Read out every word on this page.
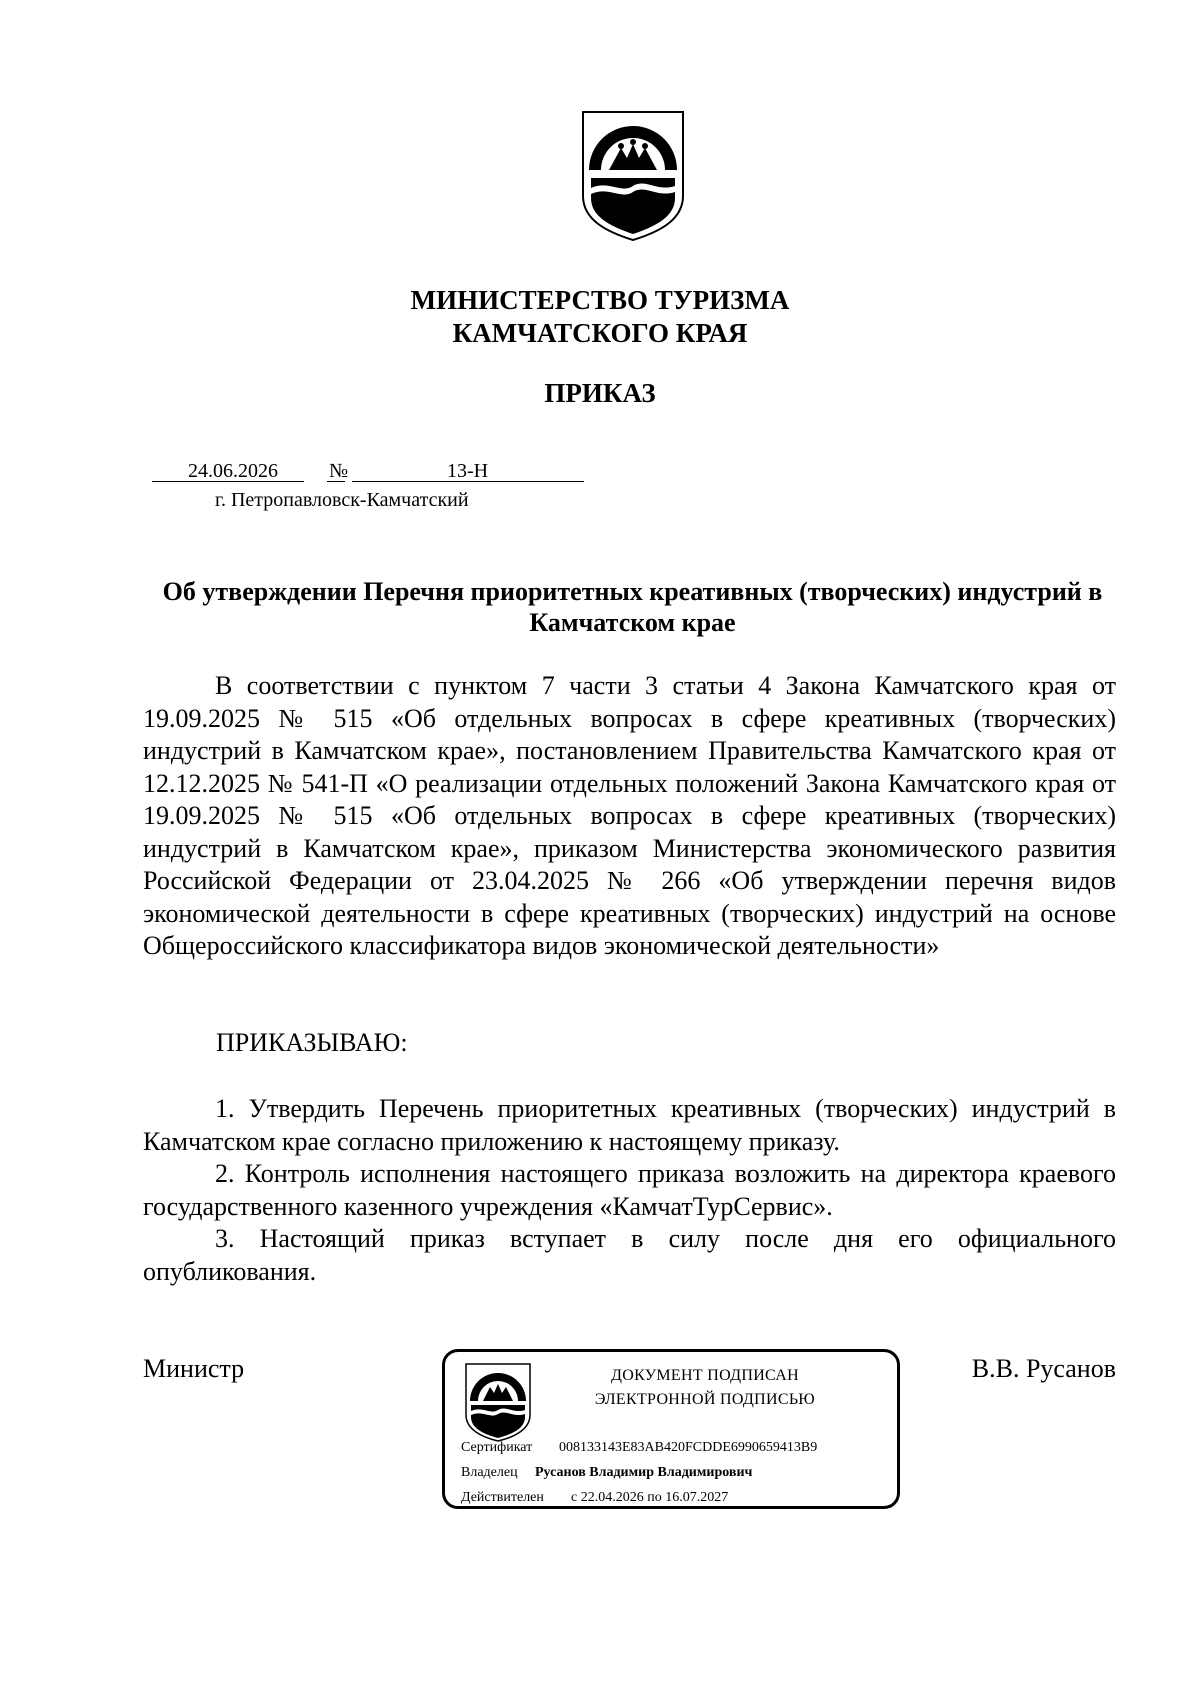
МИНИСТЕРСТВО ТУРИЗМА
КАМЧАТСКОГО КРАЯ
ПРИКАЗ
24.06.2026	№	13-Н
г. Петропавловск-Камчатский
Об утверждении Перечня приоритетных креативных (творческих) индустрий в Камчатском крае
В соответствии с пунктом 7 части 3 статьи 4 Закона Камчатского края от 19.09.2025 № 515 «Об отдельных вопросах в сфере креативных (творческих) индустрий в Камчатском крае», постановлением Правительства Камчатского края от 12.12.2025 № 541-П «О реализации отдельных положений Закона Камчатского края от 19.09.2025 № 515 «Об отдельных вопросах в сфере креативных (творческих) индустрий в Камчатском крае», приказом Министерства экономического развития Российской Федерации от 23.04.2025 № 266 «Об утверждении перечня видов экономической деятельности в сфере креативных (творческих) индустрий на основе Общероссийского классификатора видов экономической деятельности»
ПРИКАЗЫВАЮ:

1. Утвердить Перечень приоритетных креативных (творческих) индустрий в Камчатском крае согласно приложению к настоящему приказу.

2. Контроль исполнения настоящего приказа возложить на директора краевого государственного казенного учреждения «КамчатТурСервис».

3. Настоящий приказ вступает в силу после дня его официального опубликования.

Министр	В.В. Русанов
ДОКУМЕНТ ПОДПИСАН
ЭЛЕКТРОННОЙ ПОДПИСЬЮ
Сертификат 008133143E83AB420FCDDE6990659413B9
Владелец Русанов Владимир Владимирович
Действителен с 22.04.2026 по 16.07.2027
